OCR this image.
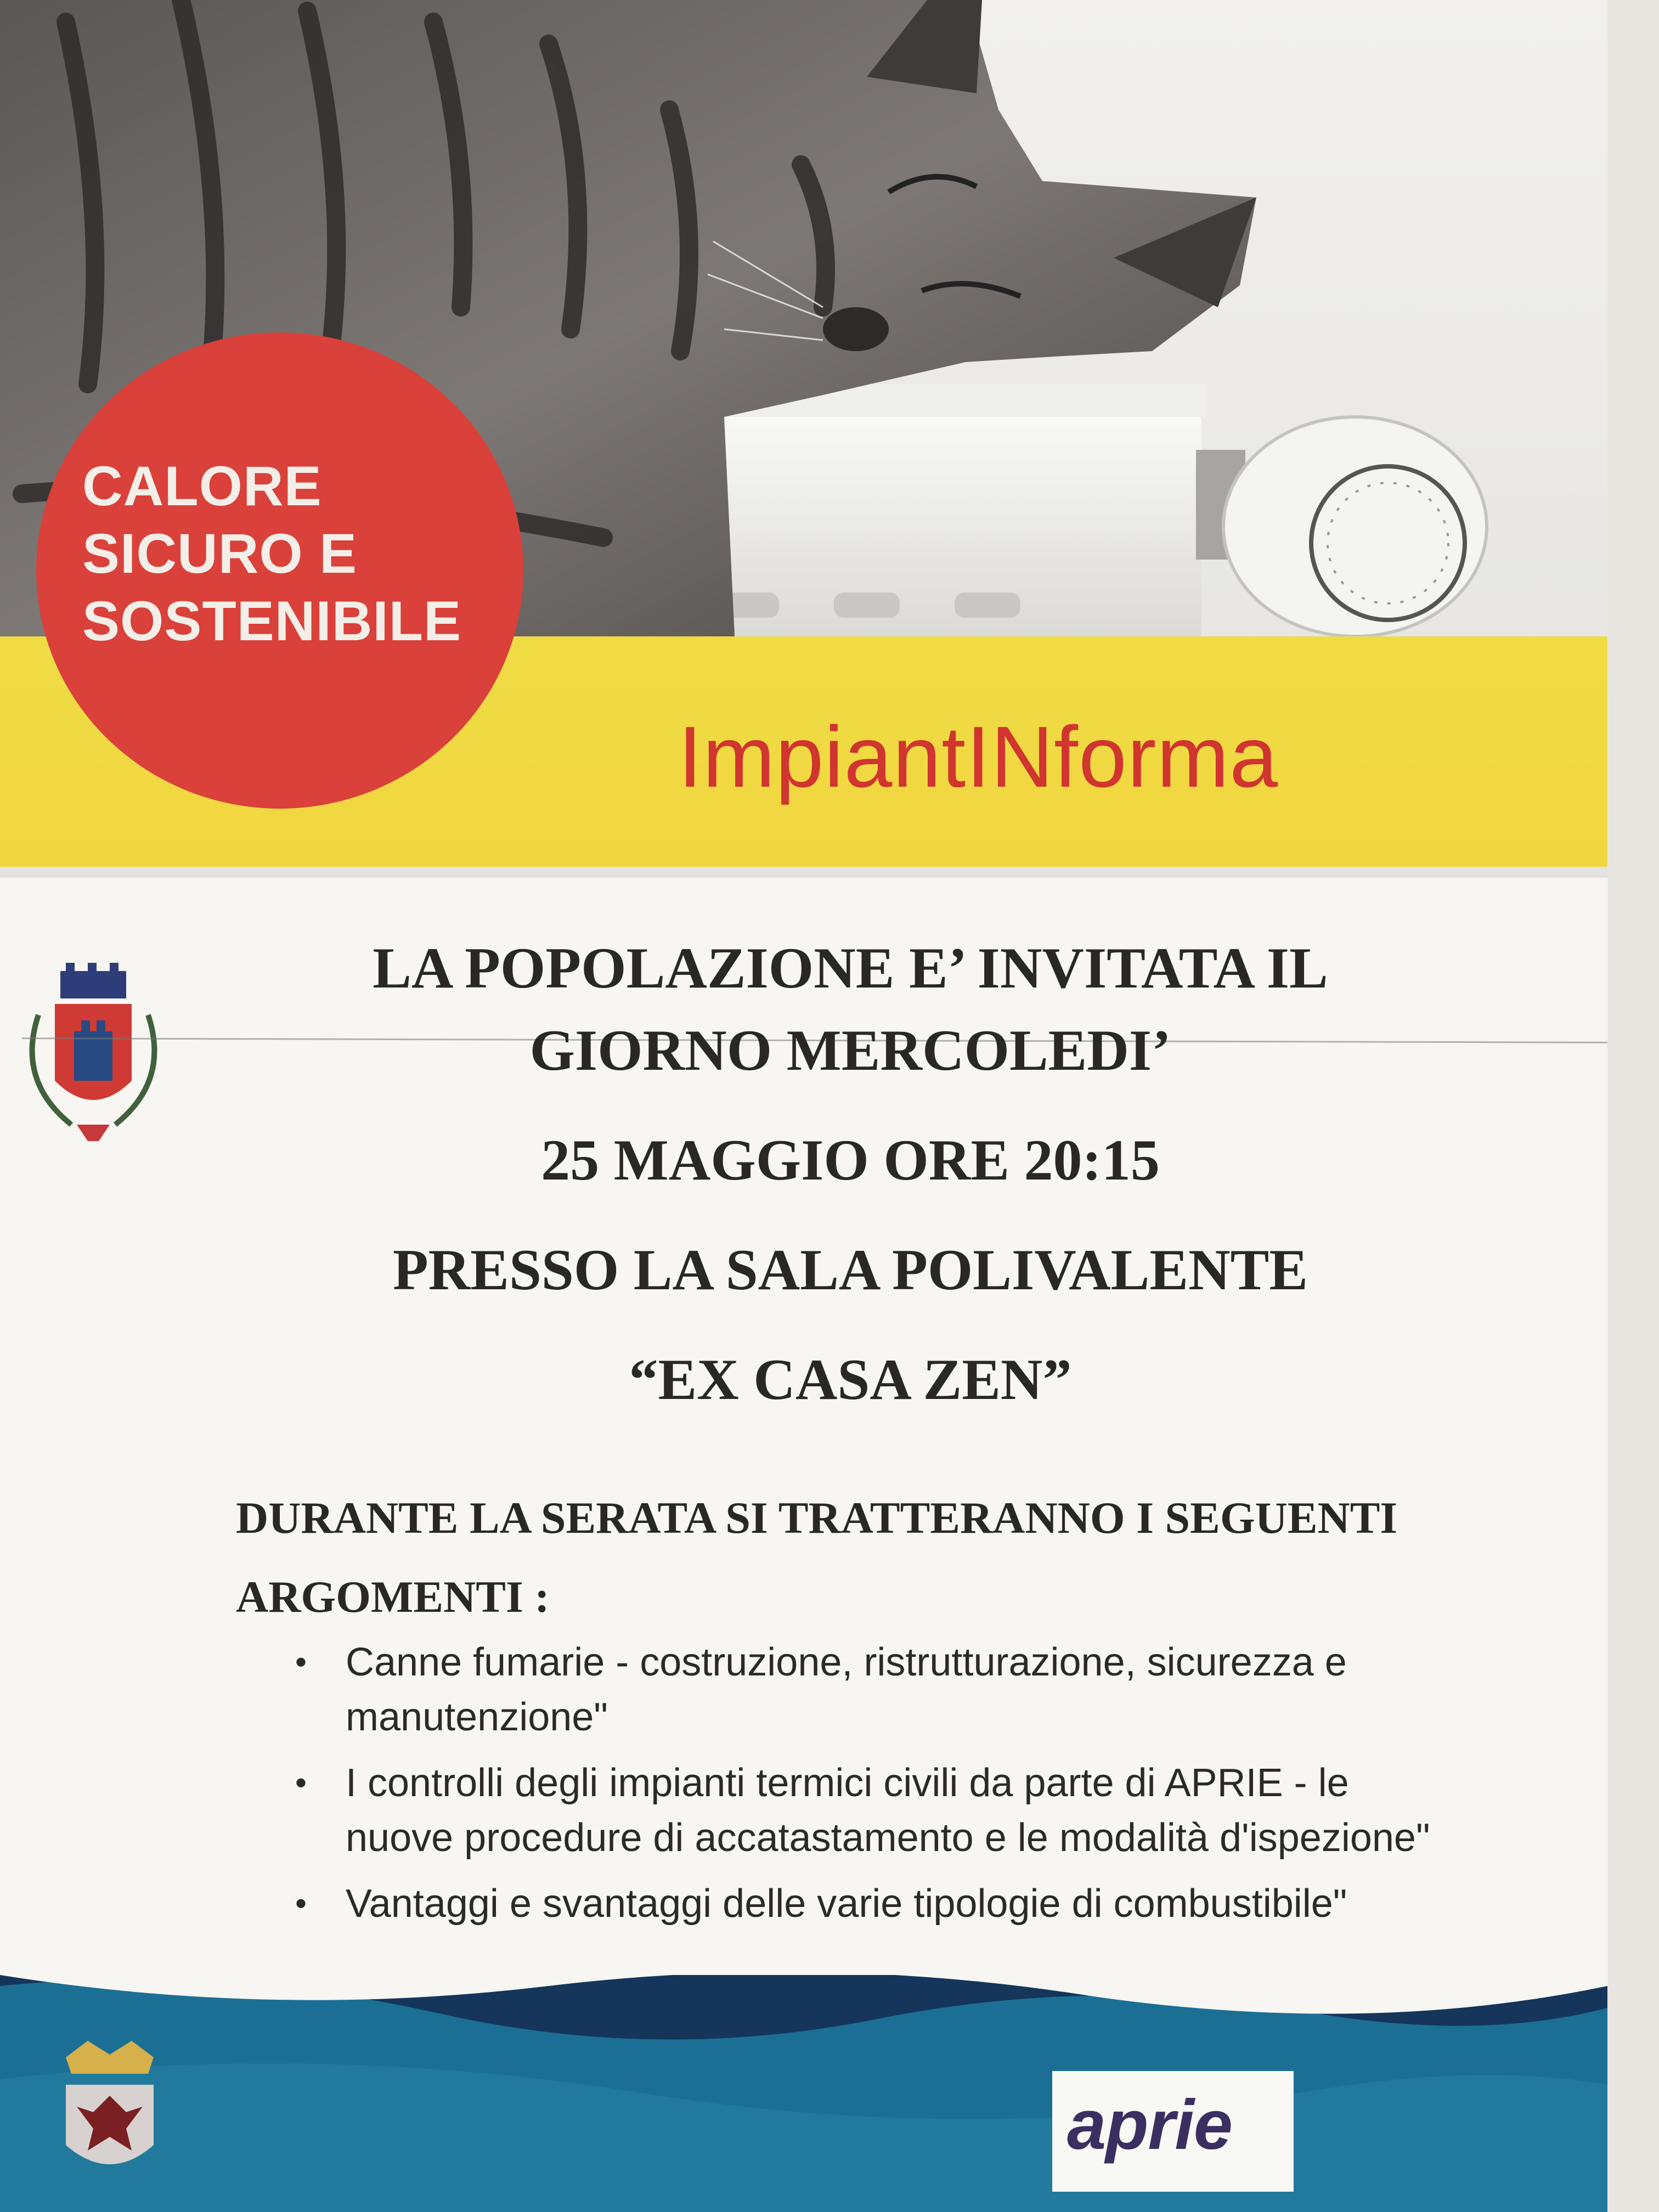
CALORE
SICURO E
SOSTENIBILE
ImpiantINforma
LA POPOLAZIONE E’ INVITATA IL
GIORNO MERCOLEDI’
25 MAGGIO ORE 20:15
PRESSO LA SALA POLIVALENTE
“EX CASA ZEN”
DURANTE LA SERATA SI TRATTERANNO I SEGUENTI
ARGOMENTI :
• Canne fumarie - costruzione, ristrutturazione, sicurezza e
manutenzione"
• I controlli degli impianti termici civili da parte di APRIE - le
nuove procedure di accatastamento e le modalità d'ispezione"
• Vantaggi e svantaggi delle varie tipologie di combustibile"
aprie
